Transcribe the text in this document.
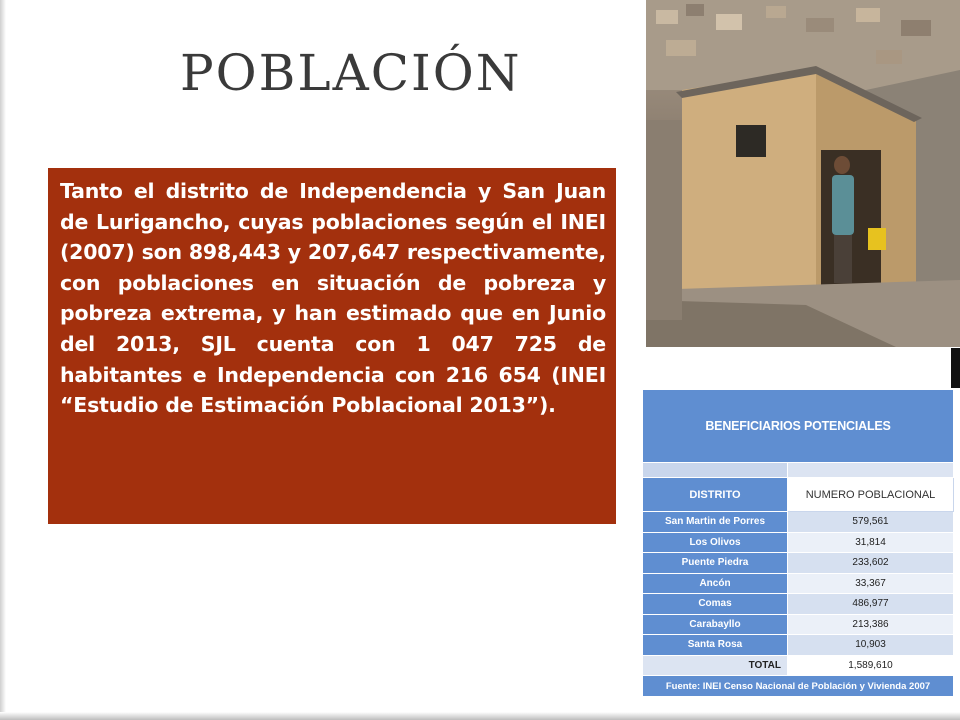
POBLACIÓN
Tanto el distrito de Independencia y San Juan de Lurigancho, cuyas poblaciones según el INEI (2007) son 898,443 y 207,647 respectivamente, con poblaciones en situación de pobreza y pobreza extrema, y han estimado que en Junio del 2013, SJL cuenta con 1 047 725 de habitantes e Independencia con 216 654 (INEI “Estudio de Estimación Poblacional 2013”).
BENEFICIARIOS POTENCIALES	

DISTRITO	NUMERO POBLACIONAL
San Martin de Porres	579,561
Los Olivos	31,814
Puente Piedra	233,602
Ancón	33,367
Comas	486,977
Carabayllo	213,386
Santa Rosa	10,903
TOTAL	1,589,610
Fuente: INEI Censo Nacional de Población y Vivienda 2007	
